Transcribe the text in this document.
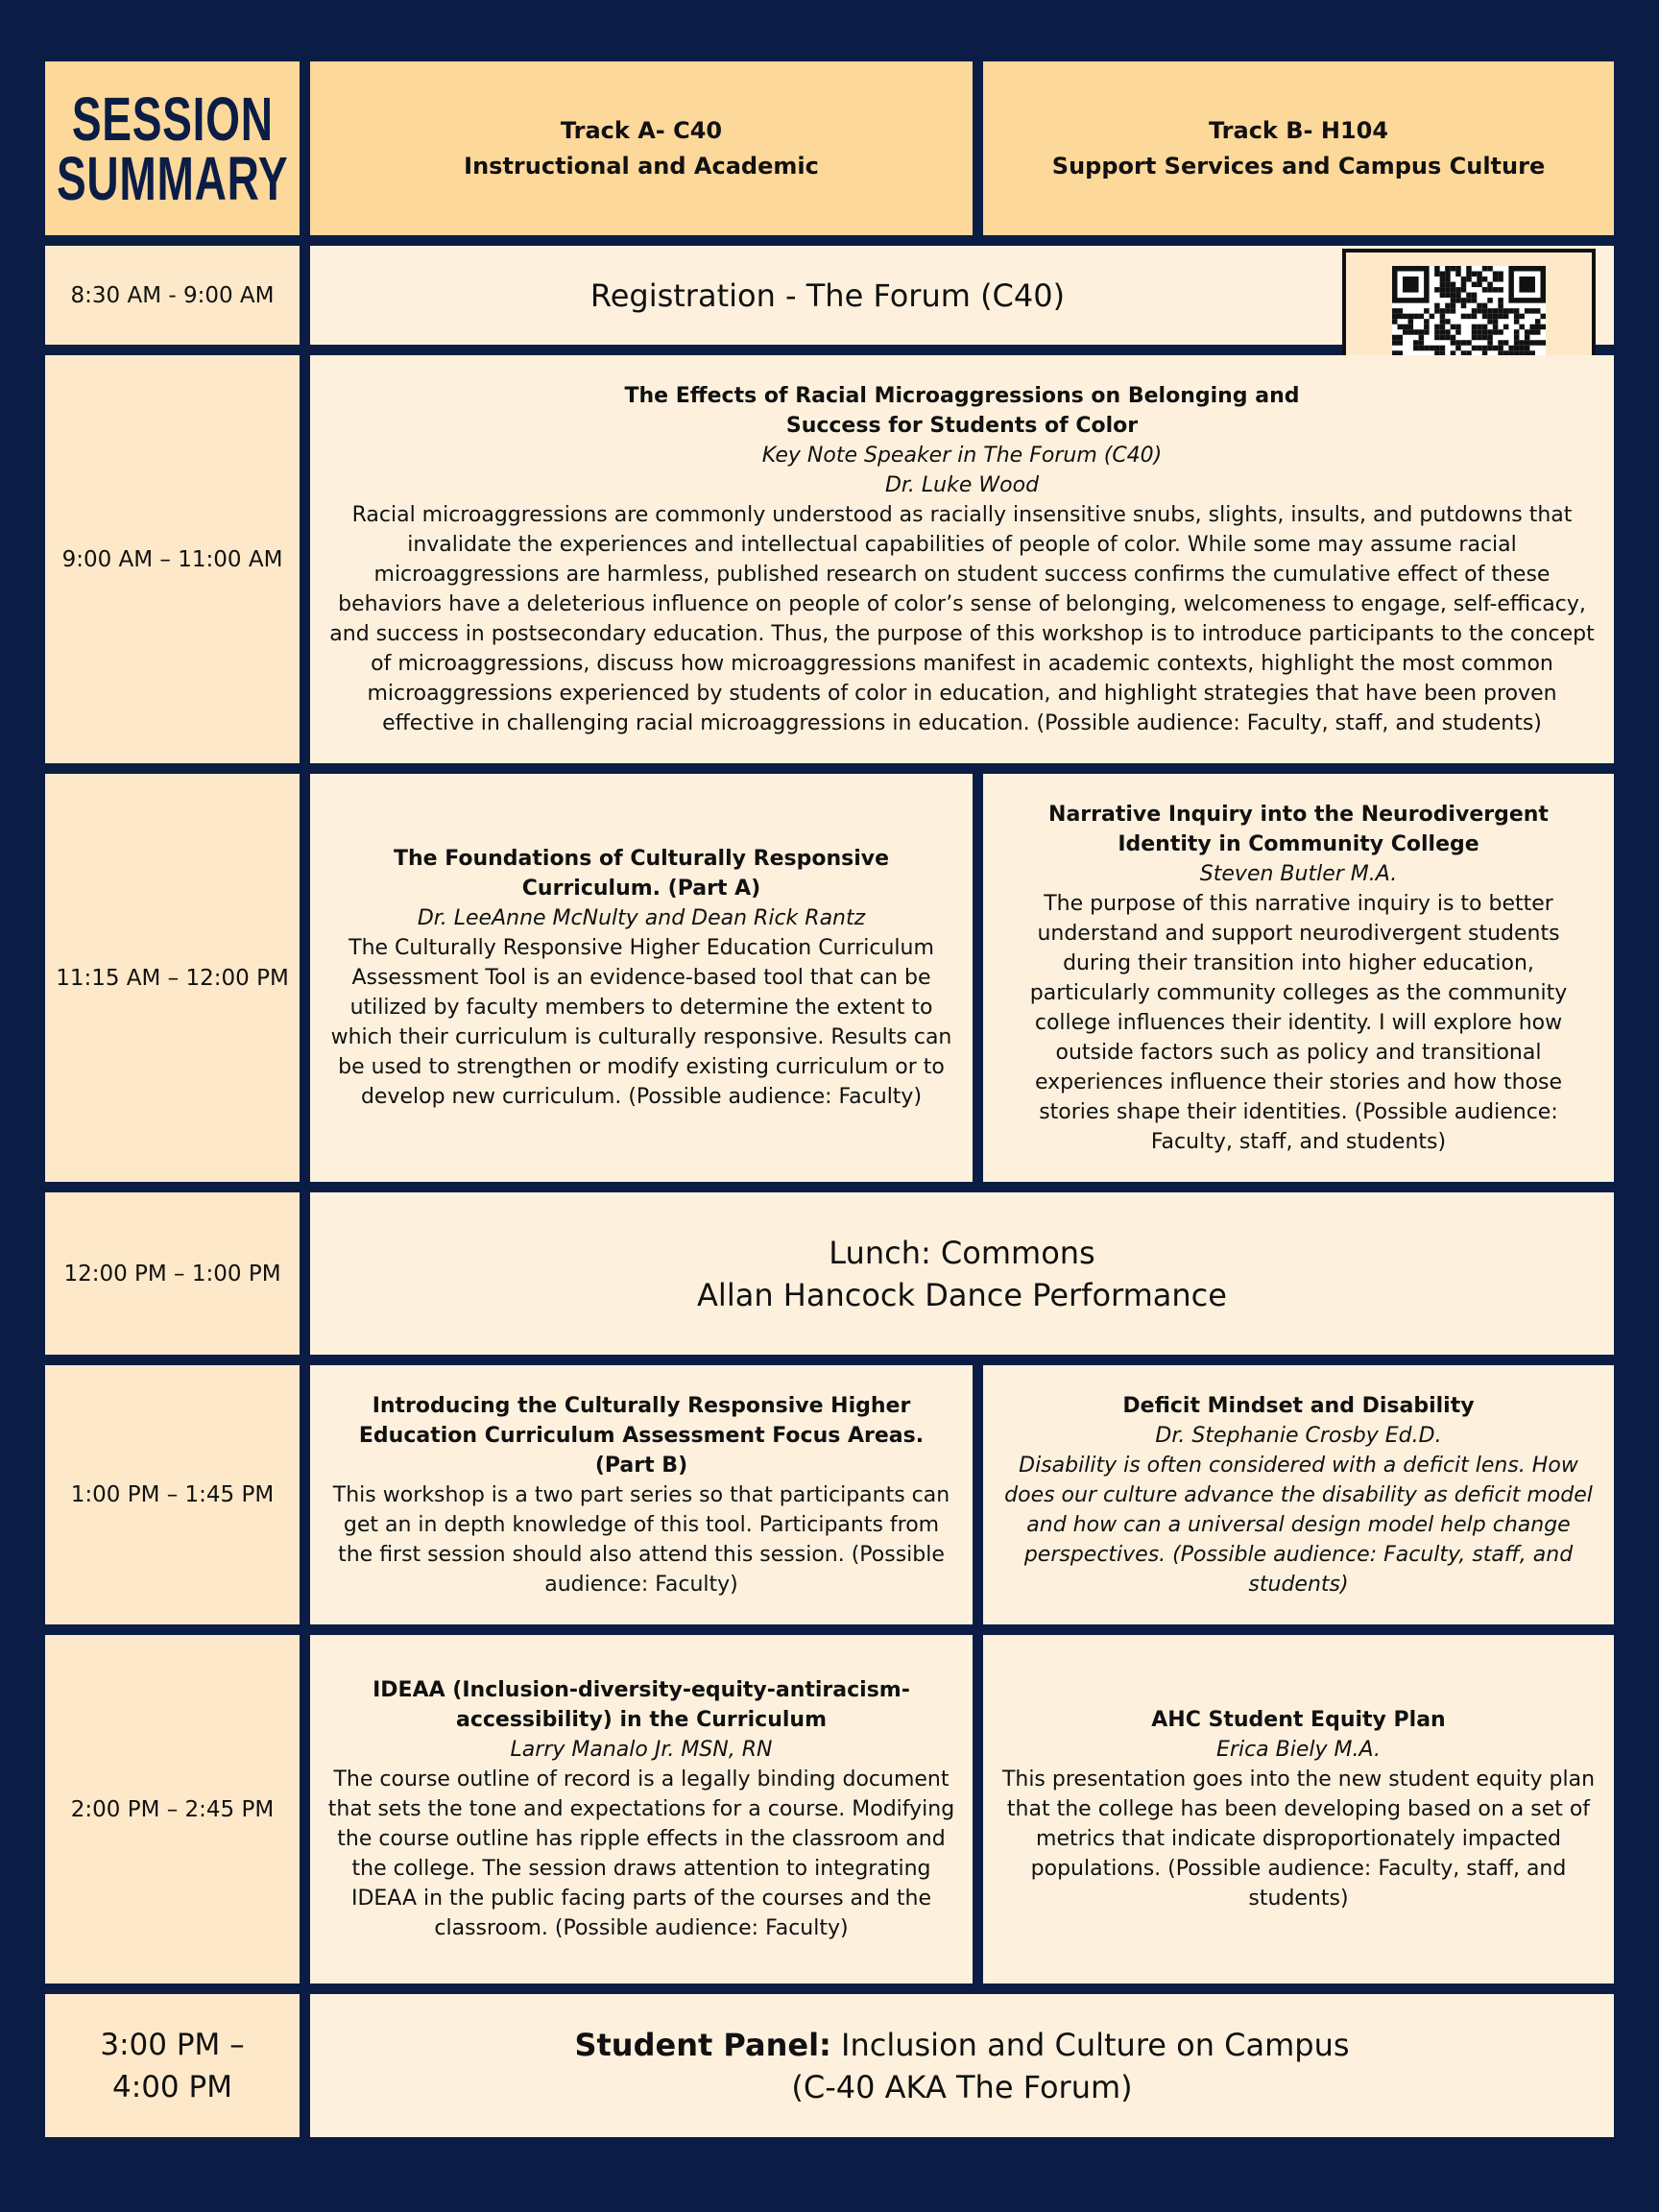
SESSION
SUMMARY
Track A- C40
Instructional and Academic
Track B- H104
Support Services and Campus Culture
8:30 AM - 9:00 AM	Registration - The Forum (C40)
9:00 AM – 11:00 AM
The Effects of Racial Microaggressions on Belonging and
Success for Students of Color
Key Note Speaker in The Forum (C40)
Dr. Luke Wood
Racial microaggressions are commonly understood as racially insensitive snubs, slights, insults, and putdowns that invalidate the experiences and intellectual capabilities of people of color. While some may assume racial microaggressions are harmless, published research on student success confirms the cumulative effect of these behaviors have a deleterious influence on people of color’s sense of belonging, welcomeness to engage, self-efficacy, and success in postsecondary education. Thus, the purpose of this workshop is to introduce participants to the concept of microaggressions, discuss how microaggressions manifest in academic contexts, highlight the most common microaggressions experienced by students of color in education, and highlight strategies that have been proven effective in challenging racial microaggressions in education. (Possible audience: Faculty, staff, and students)
11:15 AM – 12:00 PM
The Foundations of Culturally Responsive Curriculum. (Part A)
Dr. LeeAnne McNulty and Dean Rick Rantz
The Culturally Responsive Higher Education Curriculum Assessment Tool is an evidence-based tool that can be utilized by faculty members to determine the extent to which their curriculum is culturally responsive. Results can be used to strengthen or modify existing curriculum or to develop new curriculum. (Possible audience: Faculty)
Narrative Inquiry into the Neurodivergent Identity in Community College
Steven Butler M.A.
The purpose of this narrative inquiry is to better understand and support neurodivergent students during their transition into higher education, particularly community colleges as the community college influences their identity. I will explore how outside factors such as policy and transitional experiences influence their stories and how those stories shape their identities. (Possible audience: Faculty, staff, and students)
12:00 PM – 1:00 PM
Lunch: Commons
Allan Hancock Dance Performance
1:00 PM – 1:45 PM
Introducing the Culturally Responsive Higher Education Curriculum Assessment Focus Areas. (Part B)
This workshop is a two part series so that participants can get an in depth knowledge of this tool. Participants from the first session should also attend this session. (Possible audience: Faculty)
Deficit Mindset and Disability
Dr. Stephanie Crosby Ed.D.
Disability is often considered with a deficit lens. How does our culture advance the disability as deficit model and how can a universal design model help change perspectives. (Possible audience: Faculty, staff, and students)
2:00 PM – 2:45 PM
IDEAA (Inclusion-diversity-equity-antiracism-accessibility) in the Curriculum
Larry Manalo Jr. MSN, RN
The course outline of record is a legally binding document that sets the tone and expectations for a course. Modifying the course outline has ripple effects in the classroom and the college. The session draws attention to integrating IDEAA in the public facing parts of the courses and the classroom. (Possible audience: Faculty)
AHC Student Equity Plan
Erica Biely M.A.
This presentation goes into the new student equity plan that the college has been developing based on a set of metrics that indicate disproportionately impacted populations. (Possible audience: Faculty, staff, and students)
3:00 PM –
4:00 PM
Student Panel: Inclusion and Culture on Campus
(C-40 AKA The Forum)
